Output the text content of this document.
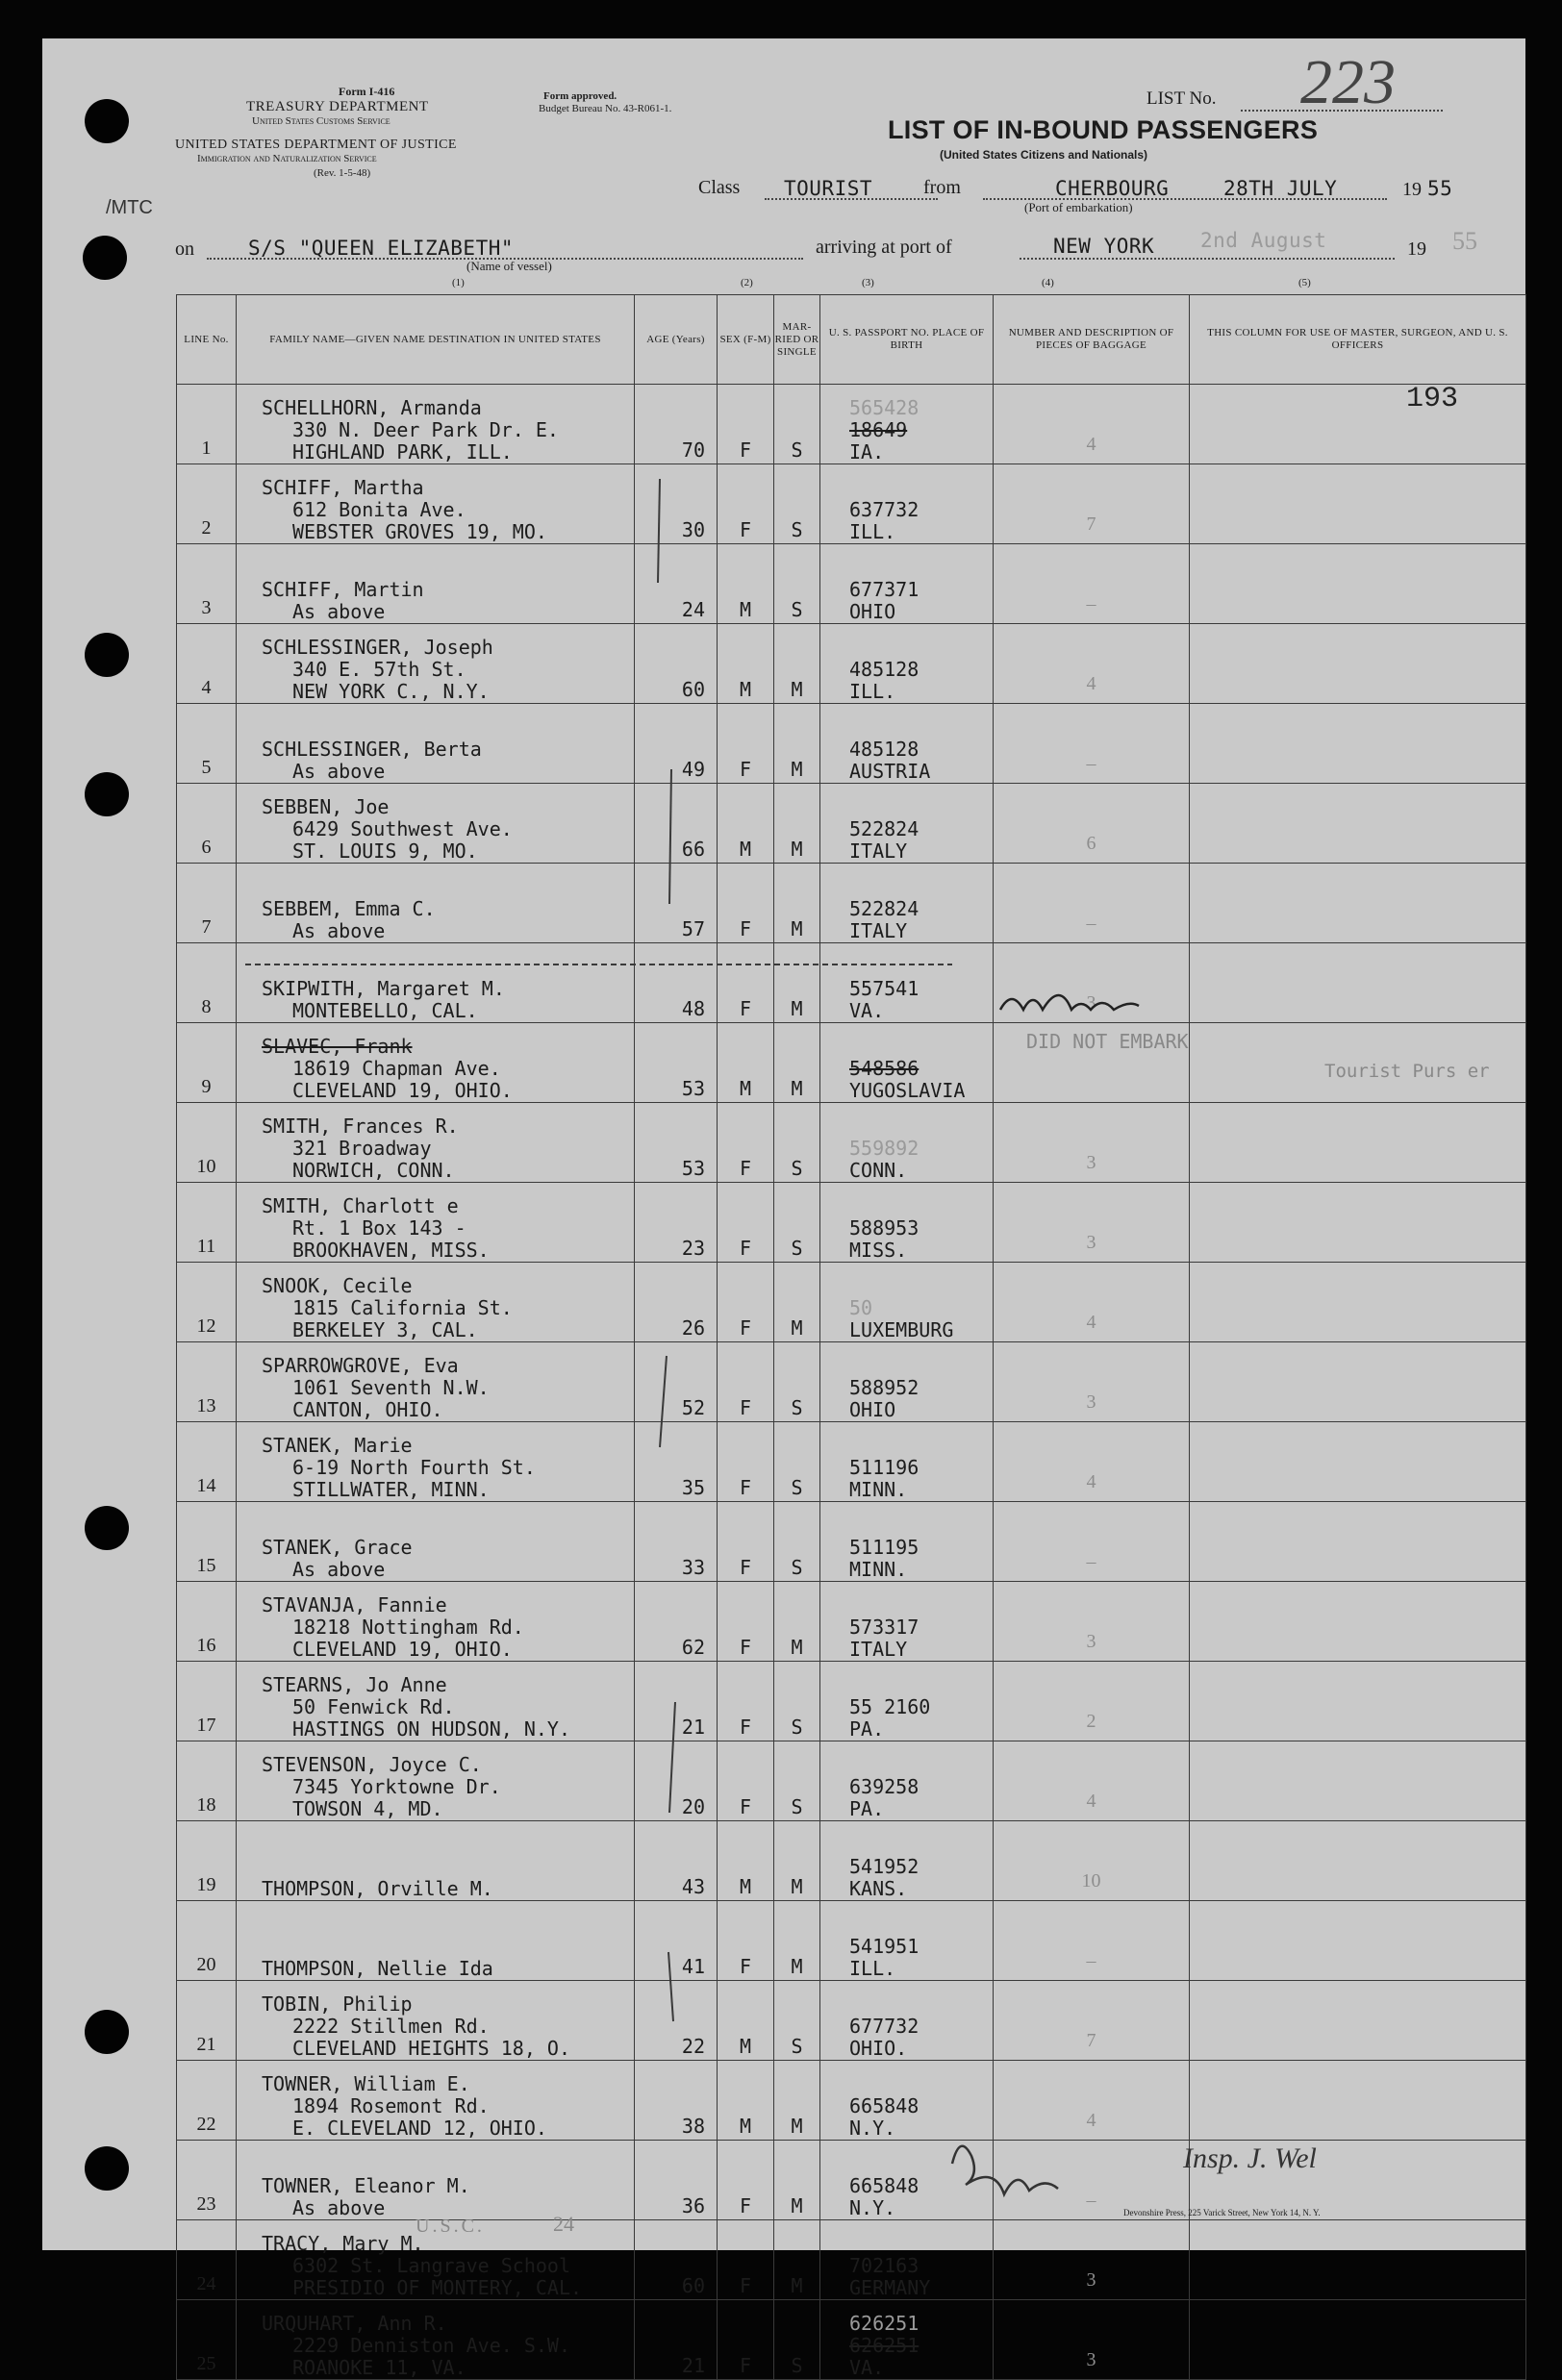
Form I-416
TREASURY DEPARTMENT
United States Customs Service
UNITED STATES DEPARTMENT OF JUSTICE
Immigration and Naturalization Service
(Rev. 1-5-48)
Form approved.
Budget Bureau No. 43-R061-1.	LIST No. 223
LIST OF IN-BOUND PASSENGERS
(United States Citizens and Nationals)
/MTC
Class TOURIST	from	CHERBOURG	28TH JULY	19 55
(Port of embarkation)
on	S/S "QUEEN ELIZABETH"
(Name of vessel)
arriving at port of	NEW YORK 2nd August	19 55
(1)	(2)	(3)	(4)	(5)
LINE No.	FAMILY NAME—GIVEN NAME DESTINATION IN UNITED STATES	AGE (Years)	SEX (F-M)	MAR-RIED OR SINGLE	U. S. PASSPORT NO. PLACE OF BIRTH	NUMBER AND DESCRIPTION OF PIECES OF BAGGAGE	THIS COLUMN FOR USE OF MASTER, SURGEON, AND U. S. OFFICERS
1	SCHELLHORN, Armanda
330 N. Deer Park Dr. E.
HIGHLAND PARK, ILL.	70	F	S	565428
18649
IA.	4	193

2	SCHIFF, Martha
612 Bonita Ave.
WEBSTER GROVES 19, MO.	30	F	S	637732
ILL.	7	
3	SCHIFF, Martin
As above	24	M	S	677371
OHIO	–	
4	SCHLESSINGER, Joseph
340 E. 57th St.
NEW YORK C., N.Y.	60	M	M	485128
ILL.	4	
5	SCHLESSINGER, Berta
As above	49	F	M	485128
AUSTRIA	–	
6	SEBBEN, Joe
6429 Southwest Ave.
ST. LOUIS 9, MO.	66	M	M	522824
ITALY	6	
7	SEBBEM, Emma C.
As above	57	F	M	522824
ITALY	–	
8	SKIPWITH, Margaret M.
MONTEBELLO, CAL.	48	F	M	557541
VA.	3	
9	SLAVEC, Frank
18619 Chapman Ave.
CLEVELAND 19, OHIO.	53	M	M	548586
YUGOSLAVIA		DID NOT EMBARK
Tourist Purs er

10	SMITH, Frances R.
321 Broadway
NORWICH, CONN.	53	F	S	559892
CONN.	3	
11	SMITH, Charlott e
Rt. 1 Box 143 -
BROOKHAVEN, MISS.	23	F	S	588953
MISS.	3	
12	SNOOK, Cecile
1815 California St.
BERKELEY 3, CAL.	26	F	M	50
LUXEMBURG	4	
13	SPARROWGROVE, Eva
1061 Seventh N.W.
CANTON, OHIO.	52	F	S	588952
OHIO	3	
14	STANEK, Marie
6-19 North Fourth St.
STILLWATER, MINN.	35	F	S	511196
MINN.	4	
15	STANEK, Grace
As above	33	F	S	511195
MINN.	–	
16	STAVANJA, Fannie
18218 Nottingham Rd.
CLEVELAND 19, OHIO.	62	F	M	573317
ITALY	3	
17	STEARNS, Jo Anne
50 Fenwick Rd.
HASTINGS ON HUDSON, N.Y.	21	F	S	55 2160
PA.	2	
18	STEVENSON, Joyce C.
7345 Yorktowne Dr.
TOWSON 4, MD.	20	F	S	639258
PA.	4	
19	THOMPSON, Orville M.	43	M	M	541952
KANS.	10	
20	THOMPSON, Nellie Ida	41	F	M	541951
ILL.	–	
21	TOBIN, Philip
2222 Stillmen Rd.
CLEVELAND HEIGHTS 18, O.	22	M	S	677732
OHIO.	7	
22	TOWNER, William E.
1894 Rosemont Rd.
E. CLEVELAND 12, OHIO.	38	M	M	665848
N.Y.	4	
23	TOWNER, Eleanor M.
As above	36	F	M	665848
N.Y.	–	
24	TRACY, Mary M.
6302 St. Langrave School
PRESIDIO OF MONTERY, CAL.	60	F	M	702163
GERMANY	3	
25	URQUHART, Ann R.
2229 Denniston Ave. S.W.
ROANOKE 11, VA.	21	F	S	626251
626251
VA.	3	
U.S.C.	24	Devonshire Press, 225 Varick Street, New York 14, N. Y.
Insp. J. Wel
